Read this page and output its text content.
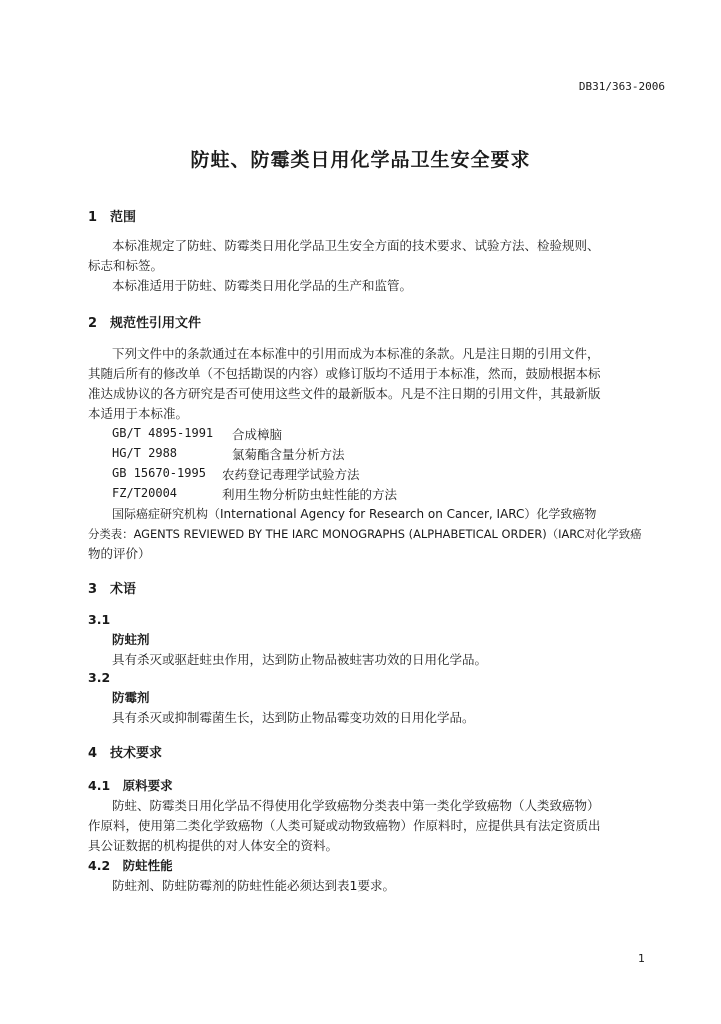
DB31/363-2006
防蛀、防霉类日用化学品卫生安全要求
1　范围
本标准规定了防蛀、防霉类日用化学品卫生安全方面的技术要求、试验方法、检验规则、
标志和标签。
本标准适用于防蛀、防霉类日用化学品的生产和监管。
2　规范性引用文件
下列文件中的条款通过在本标准中的引用而成为本标准的条款。凡是注日期的引用文件，
其随后所有的修改单（不包括勘误的内容）或修订版均不适用于本标准，然而，鼓励根据本标
准达成协议的各方研究是否可使用这些文件的最新版本。凡是不注日期的引用文件，其最新版
本适用于本标准。
GB/T 4895-1991 合成樟脑
HG/T 2988	氯菊酯含量分析方法
GB 15670-1995 农药登记毒理学试验方法
FZ/T20004	利用生物分析防虫蛀性能的方法
国际癌症研究机构（International Agency for Research on Cancer, IARC）化学致癌物
分类表：AGENTS REVIEWED BY THE IARC MONOGRAPHS (ALPHABETICAL ORDER)（IARC对化学致癌
物的评价）
3　术语
3.1
防蛀剂
具有杀灭或驱赶蛀虫作用，达到防止物品被蛀害功效的日用化学品。
3.2
防霉剂
具有杀灭或抑制霉菌生长，达到防止物品霉变功效的日用化学品。
4　技术要求
4.1　原料要求
防蛀、防霉类日用化学品不得使用化学致癌物分类表中第一类化学致癌物（人类致癌物）
作原料，使用第二类化学致癌物（人类可疑或动物致癌物）作原料时，应提供具有法定资质出
具公证数据的机构提供的对人体安全的资料。
4.2　防蛀性能
防蛀剂、防蛀防霉剂的防蛀性能必须达到表1要求。
1
